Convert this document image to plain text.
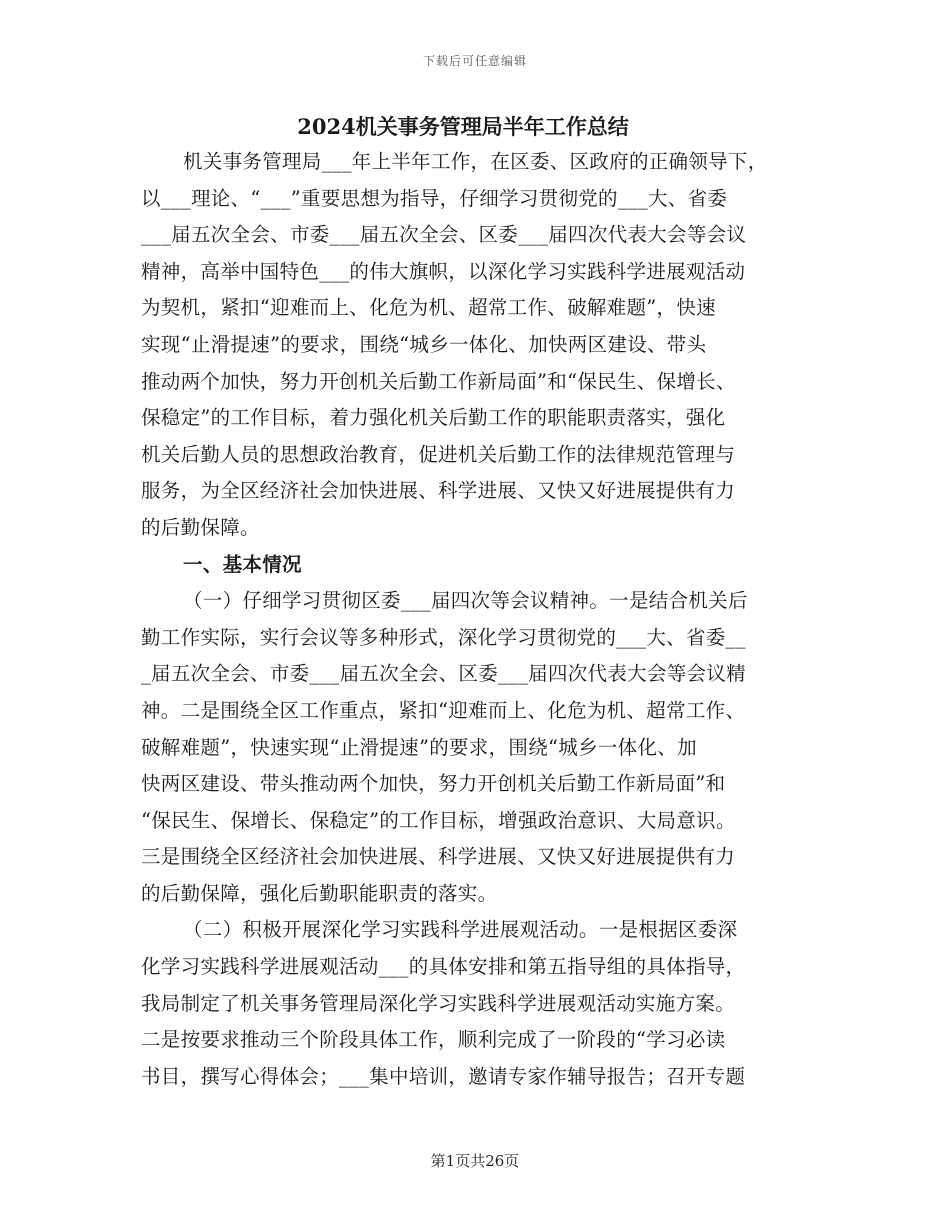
下载后可任意编辑
2024机关事务管理局半年工作总结
机关事务管理局___年上半年工作，在区委、区政府的正确领导下，
以___理论、“___”重要思想为指导，仔细学习贯彻党的___大、省委
___届五次全会、市委___届五次全会、区委___届四次代表大会等会议
精神，高举中国特色___的伟大旗帜，以深化学习实践科学进展观活动
为契机，紧扣“迎难而上、化危为机、超常工作、破解难题”，快速
实现“止滑提速”的要求，围绕“城乡一体化、加快两区建设、带头
推动两个加快，努力开创机关后勤工作新局面”和“保民生、保增长、
保稳定”的工作目标，着力强化机关后勤工作的职能职责落实，强化
机关后勤人员的思想政治教育，促进机关后勤工作的法律规范管理与
服务，为全区经济社会加快进展、科学进展、又快又好进展提供有力
的后勤保障。
一、基本情况
（一）仔细学习贯彻区委___届四次等会议精神。一是结合机关后
勤工作实际，实行会议等多种形式，深化学习贯彻党的___大、省委__
_届五次全会、市委___届五次全会、区委___届四次代表大会等会议精
神。二是围绕全区工作重点，紧扣“迎难而上、化危为机、超常工作、
破解难题”，快速实现“止滑提速”的要求，围绕“城乡一体化、加
快两区建设、带头推动两个加快，努力开创机关后勤工作新局面”和
“保民生、保增长、保稳定”的工作目标，增强政治意识、大局意识。
三是围绕全区经济社会加快进展、科学进展、又快又好进展提供有力
的后勤保障，强化后勤职能职责的落实。
（二）积极开展深化学习实践科学进展观活动。一是根据区委深
化学习实践科学进展观活动___的具体安排和第五指导组的具体指导，
我局制定了机关事务管理局深化学习实践科学进展观活动实施方案。
二是按要求推动三个阶段具体工作，顺利完成了一阶段的“学习必读
书目，撰写心得体会；___集中培训，邀请专家作辅导报告；召开专题
第1页共26页
